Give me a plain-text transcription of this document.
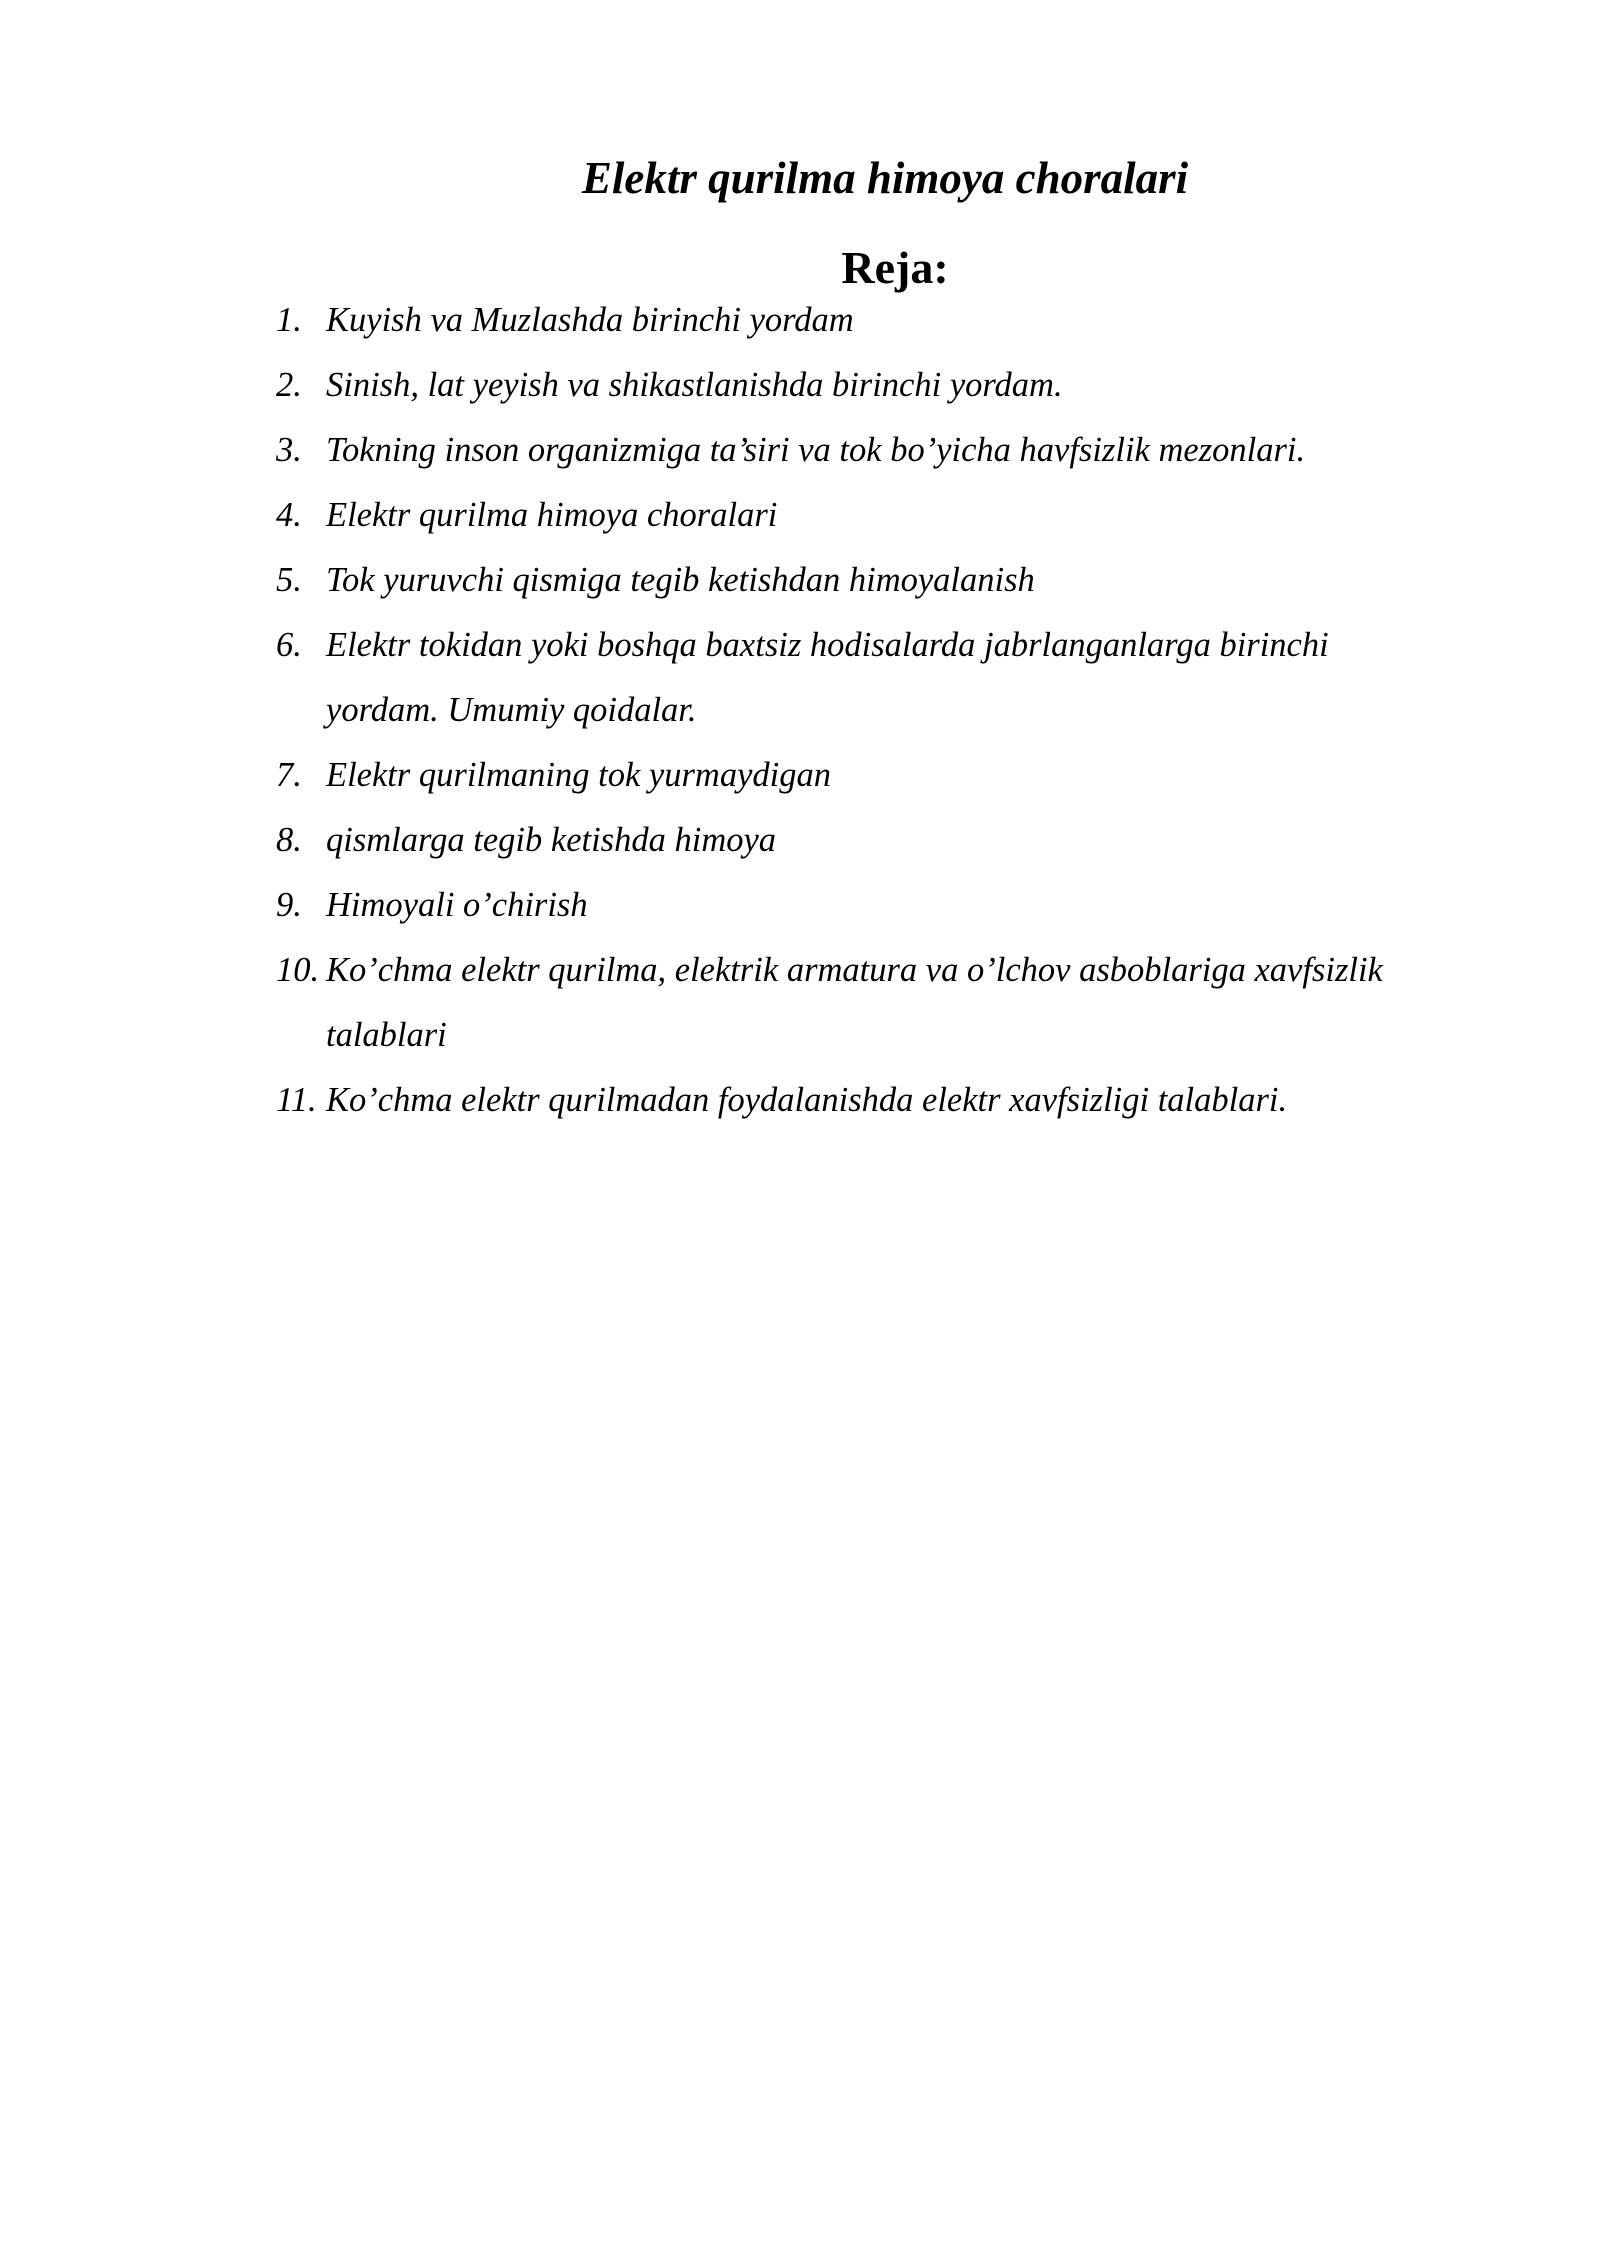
Elektr qurilma himoya choralari
Reja:
1. Kuyish va Muzlashda birinchi yordam
2. Sinish, lat yeyish va shikastlanishda birinchi yordam.
3. Tokning inson organizmiga ta’siri va tok bo’yicha havfsizlik mezonlari.
4. Elektr qurilma himoya choralari
5. Tok yuruvchi qismiga tegib ketishdan himoyalanish
6. Elektr tokidan yoki boshqa baxtsiz hodisalarda jabrlanganlarga birinchi
yordam. Umumiy qoidalar.
7. Elektr qurilmaning tok yurmaydigan
8. qismlarga tegib ketishda himoya
9. Himoyali o’chirish
10. Ko’chma elektr qurilma, elektrik armatura va o’lchov asboblariga xavfsizlik
talablari
11. Ko’chma elektr qurilmadan foydalanishda elektr xavfsizligi talablari.
